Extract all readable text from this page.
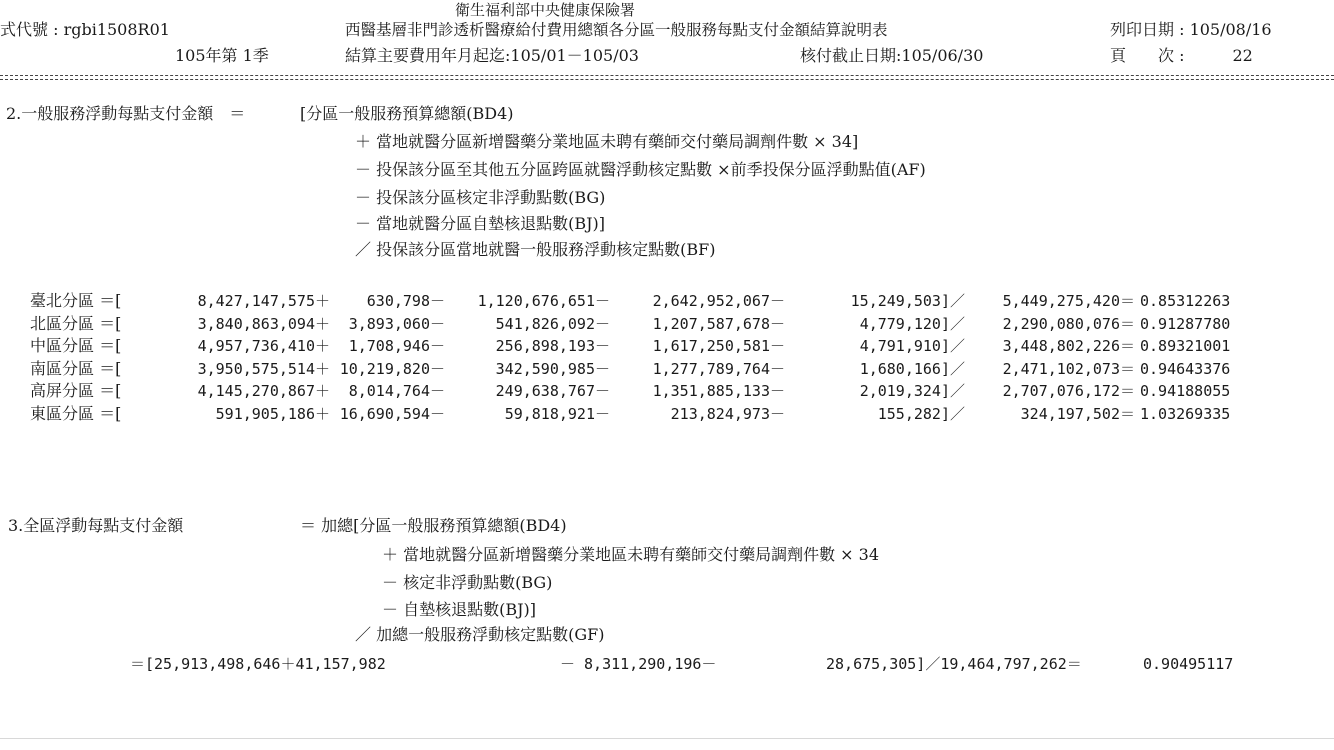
衛生福利部中央健康保險署
式代號 : rgbi1508R01	西醫基層非門診透析醫療給付費用總額各分區一般服務每點支付金額結算說明表	列印日期 : 105/08/16
105年第 1季	結算主要費用年月起迄:105/01－105/03	核付截止日期:105/06/30	頁　　次 :　　　22
2.一般服務浮動每點支付金額　＝	[分區一般服務預算總額(BD4)
＋ 當地就醫分區新增醫藥分業地區未聘有藥師交付藥局調劑件數 × 34]
－ 投保該分區至其他五分區跨區就醫浮動核定點數 ×前季投保分區浮動點值(AF)
－ 投保該分區核定非浮動點數(BG)
－ 當地就醫分區自墊核退點數(BJ)]
／ 投保該分區當地就醫一般服務浮動核定點數(BF)
臺北分區 ＝[	8,427,147,575＋	630,798－	1,120,676,651－	2,642,952,067－	15,249,503]／	5,449,275,420＝ 0.85312263
北區分區 ＝[	3,840,863,094＋	3,893,060－	541,826,092－	1,207,587,678－	4,779,120]／	2,290,080,076＝ 0.91287780
中區分區 ＝[	4,957,736,410＋	1,708,946－	256,898,193－	1,617,250,581－	4,791,910]／	3,448,802,226＝ 0.89321001
南區分區 ＝[	3,950,575,514＋ 10,219,820－	342,590,985－	1,277,789,764－	1,680,166]／	2,471,102,073＝ 0.94643376
高屏分區 ＝[	4,145,270,867＋	8,014,764－	249,638,767－	1,351,885,133－	2,019,324]／	2,707,076,172＝ 0.94188055
東區分區 ＝[	591,905,186＋ 16,690,594－	59,818,921－	213,824,973－	155,282]／	324,197,502＝ 1.03269335
3.全區浮動每點支付金額	＝ 加總[分區一般服務預算總額(BD4)
＋ 當地就醫分區新增醫藥分業地區未聘有藥師交付藥局調劑件數 × 34
－ 核定非浮動點數(BG)
－ 自墊核退點數(BJ)]
／ 加總一般服務浮動核定點數(GF)
＝[25,913,498,646＋41,157,982	－ 8,311,290,196－	28,675,305]／19,464,797,262＝	0.90495117
